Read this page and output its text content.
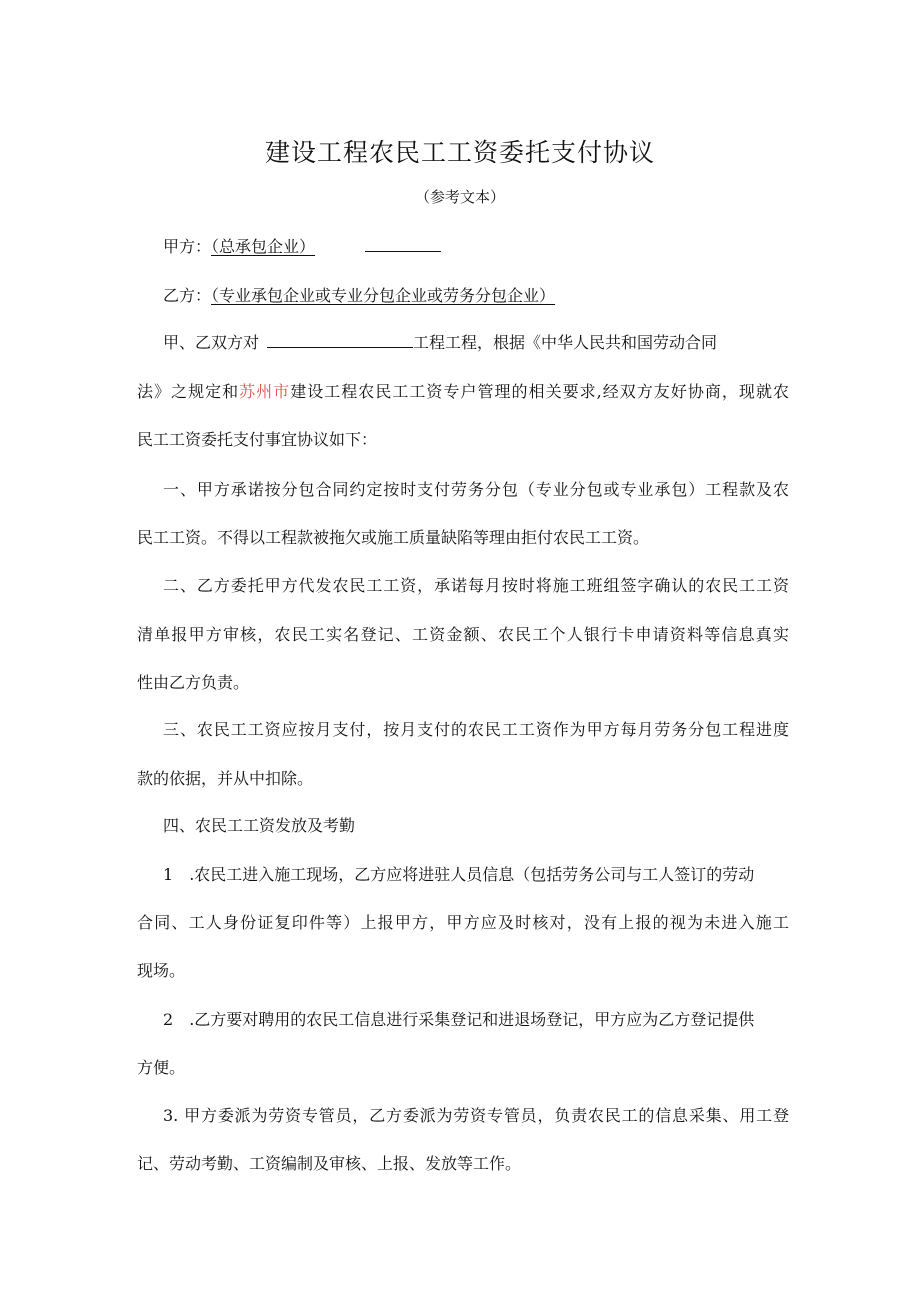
建设工程农民工工资委托支付协议
（参考文本）
甲方：（总承包企业）
乙方：（专业承包企业或专业分包企业或劳务分包企业）
甲、乙双方对	工程工程，根据《中华人民共和国劳动合同
法》之规定和苏州市建设工程农民工工资专户管理的相关要求,经双方友好协商，现就农
民工工资委托支付事宜协议如下：
一、甲方承诺按分包合同约定按时支付劳务分包（专业分包或专业承包）工程款及农
民工工资。不得以工程款被拖欠或施工质量缺陷等理由拒付农民工工资。
二、乙方委托甲方代发农民工工资，承诺每月按时将施工班组签字确认的农民工工资
清单报甲方审核，农民工实名登记、工资金额、农民工个人银行卡申请资料等信息真实
性由乙方负责。
三、农民工工资应按月支付，按月支付的农民工工资作为甲方每月劳务分包工程进度
款的依据，并从中扣除。
四、农民工工资发放及考勤
1 .农民工进入施工现场，乙方应将进驻人员信息（包括劳务公司与工人签订的劳动
合同、工人身份证复印件等）上报甲方，甲方应及时核对，没有上报的视为未进入施工
现场。
2 .乙方要对聘用的农民工信息进行采集登记和进退场登记，甲方应为乙方登记提供
方便。
3. 甲方委派为劳资专管员，乙方委派为劳资专管员，负责农民工的信息采集、用工登
记、劳动考勤、工资编制及审核、上报、发放等工作。
